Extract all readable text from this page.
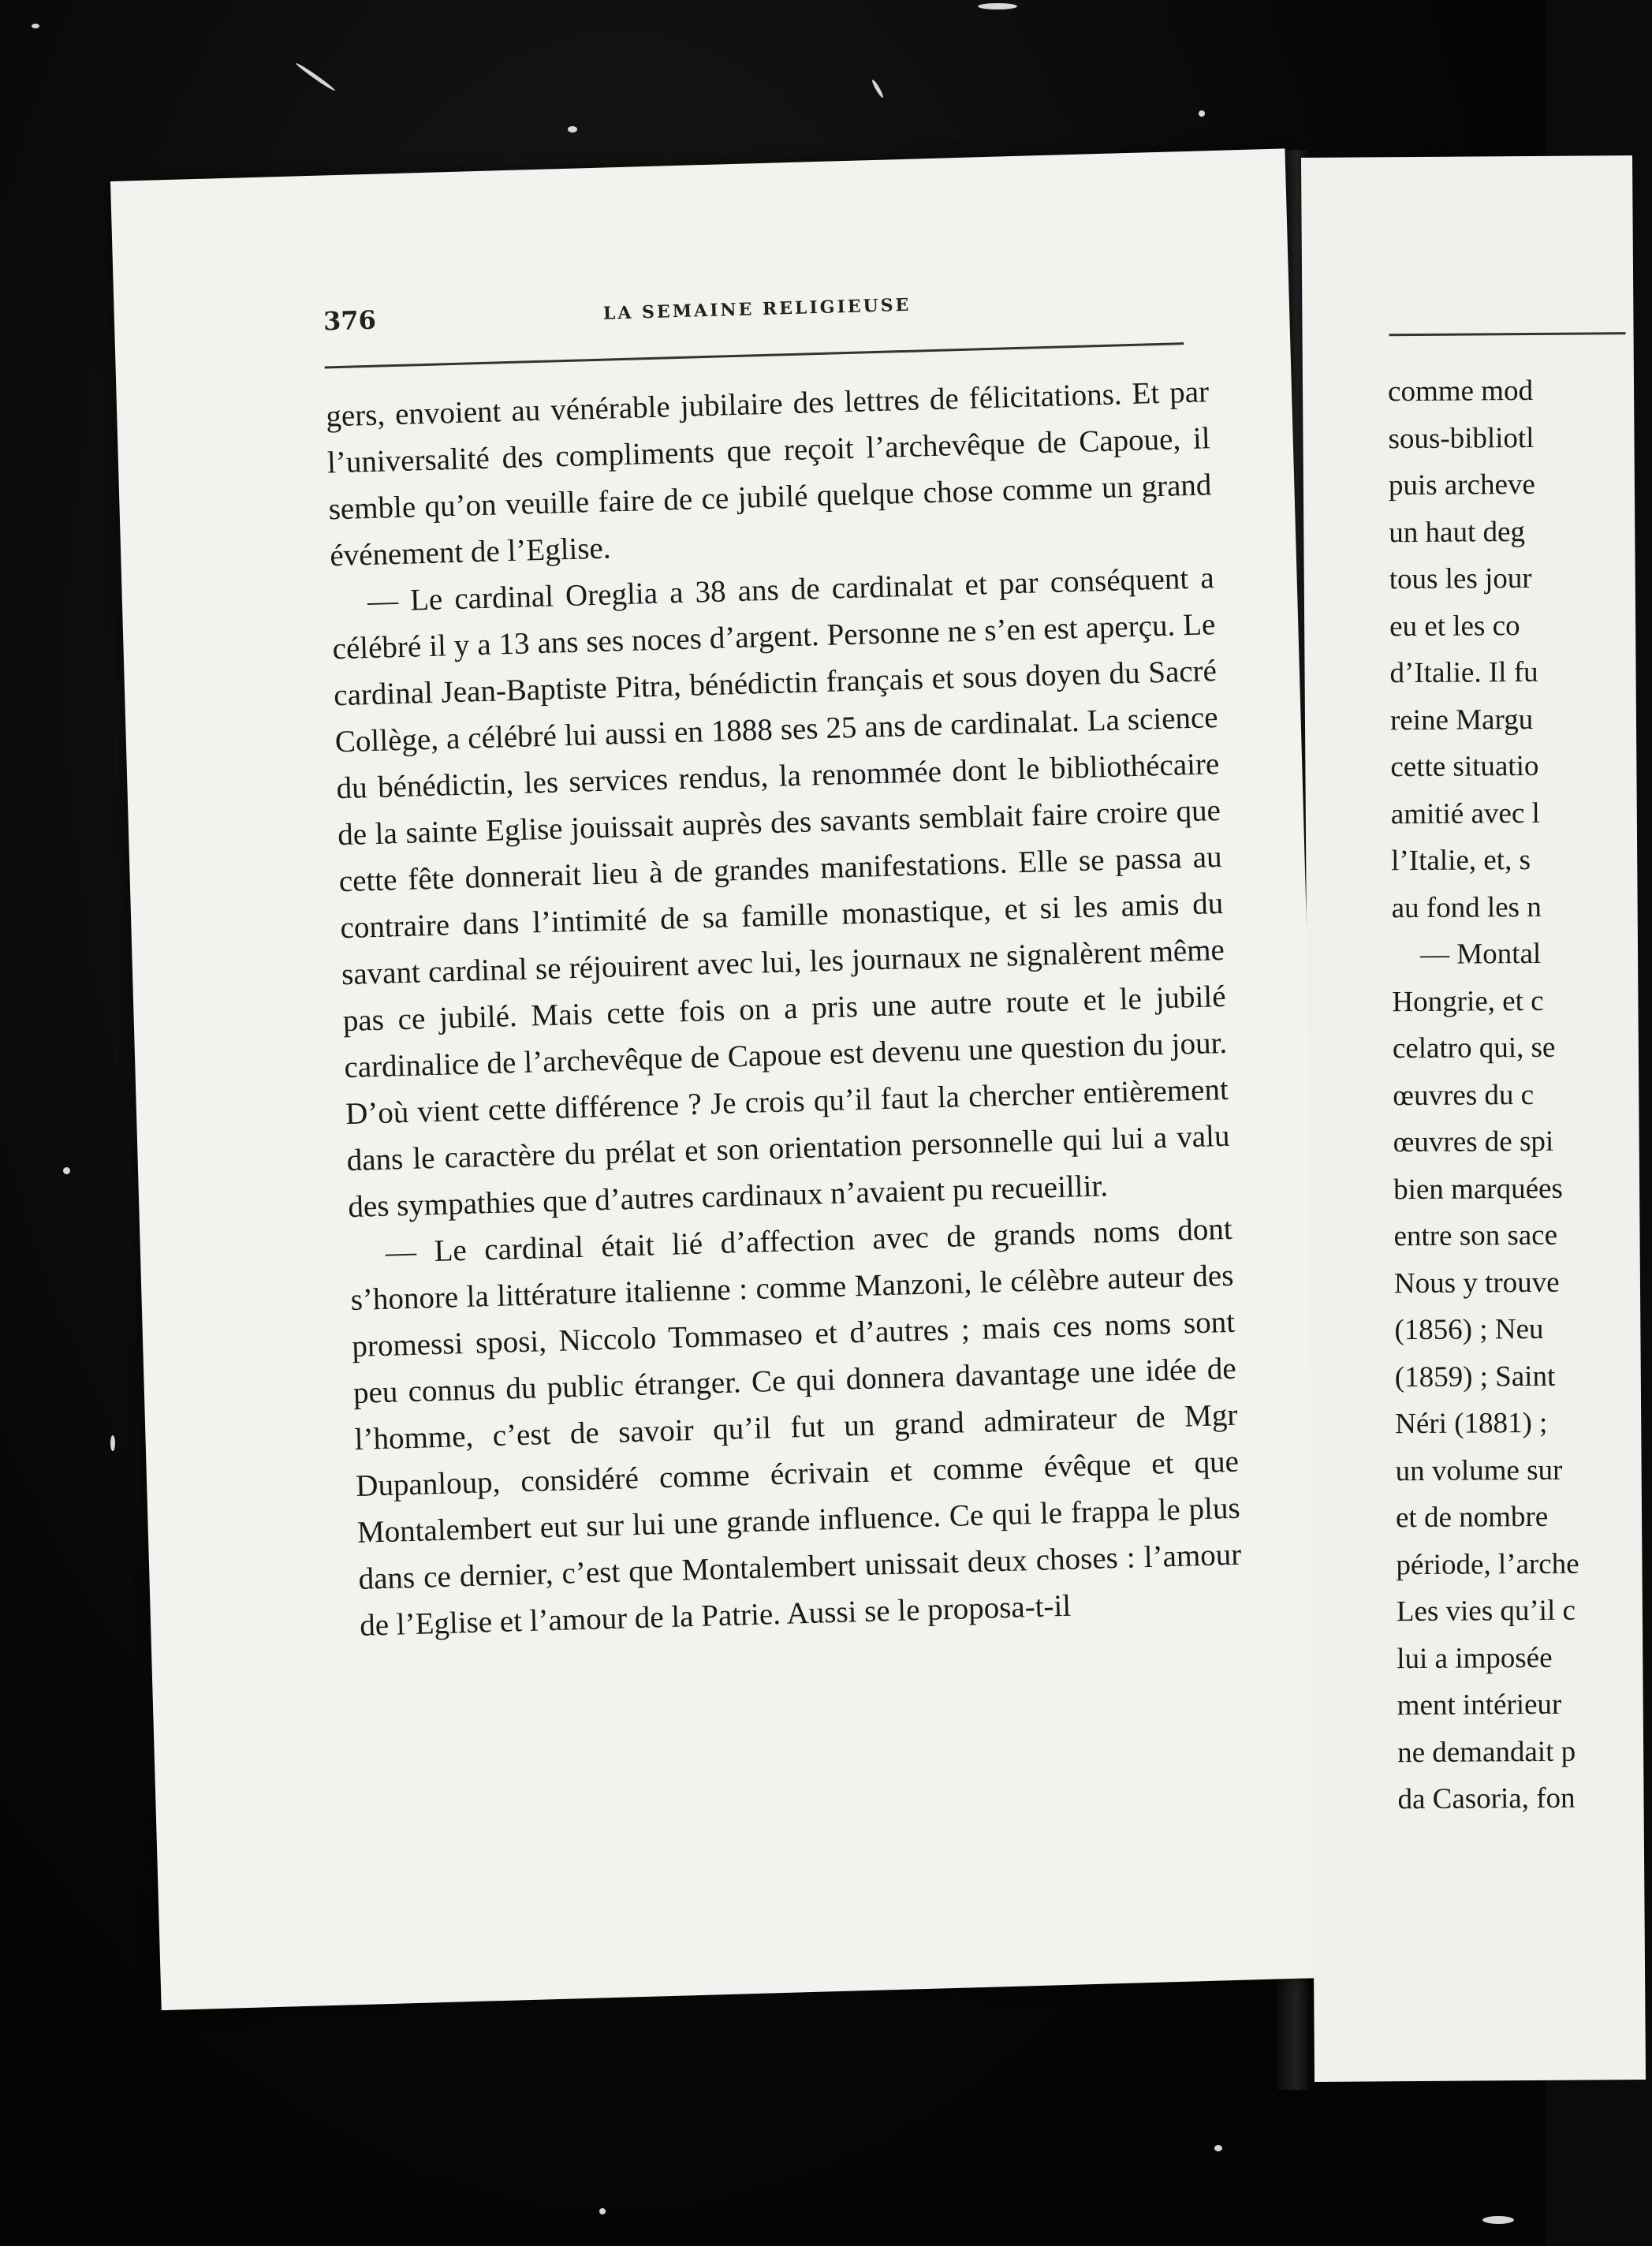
376	LA SEMAINE RELIGIEUSE

gers, envoient au vénérable jubilaire des lettres de félicitations. Et par l’universalité des compliments que reçoit l’archevêque de Capoue, il semble qu’on veuille faire de ce jubilé quelque chose comme un grand événement de l’Eglise.

— Le cardinal Oreglia a 38 ans de cardinalat et par conséquent a célébré il y a 13 ans ses noces d’argent. Personne ne s’en est aperçu. Le cardinal Jean-Baptiste Pitra, bénédictin français et sous doyen du Sacré Collège, a célébré lui aussi en 1888 ses 25 ans de cardinalat. La science du bénédictin, les services rendus, la renommée dont le bibliothécaire de la sainte Eglise jouissait auprès des savants semblait faire croire que cette fête donnerait lieu à de grandes manifestations. Elle se passa au contraire dans l’intimité de sa famille monastique, et si les amis du savant cardinal se réjouirent avec lui, les journaux ne signalèrent même pas ce jubilé. Mais cette fois on a pris une autre route et le jubilé cardinalice de l’archevêque de Capoue est devenu une question du jour. D’où vient cette différence ? Je crois qu’il faut la chercher entièrement dans le caractère du prélat et son orientation personnelle qui lui a valu des sympathies que d’autres cardinaux n’avaient pu recueillir.

— Le cardinal était lié d’affection avec de grands noms dont s’honore la littérature italienne : comme Manzoni, le célèbre auteur des promessi sposi, Niccolo Tommaseo et d’autres ; mais ces noms sont peu connus du public étranger. Ce qui donnera davantage une idée de l’homme, c’est de savoir qu’il fut un grand admirateur de Mgr Dupanloup, considéré comme écrivain et comme évêque et que Montalembert eut sur lui une grande influence. Ce qui le frappa le plus dans ce dernier, c’est que Montalembert unissait deux choses : l’amour de l’Eglise et l’amour de la Patrie. Aussi se le proposa-t-il

comme mod
sous-bibliotl
puis archeve
un haut deg
tous les jour
eu et les co
d’Italie. Il fu
reine Margu
cette situatio
amitié avec l
l’Italie, et, s
au fond les n
— Montal
Hongrie, et c
celatro qui, se
œuvres du c
œuvres de spi
bien marquées
entre son sace
Nous y trouve
(1856) ; Neu
(1859) ; Saint
Néri (1881) ;
un volume sur
et de nombre
période, l’arche
Les vies qu’il c
lui a imposée
ment intérieur
ne demandait p
da Casoria, fon
